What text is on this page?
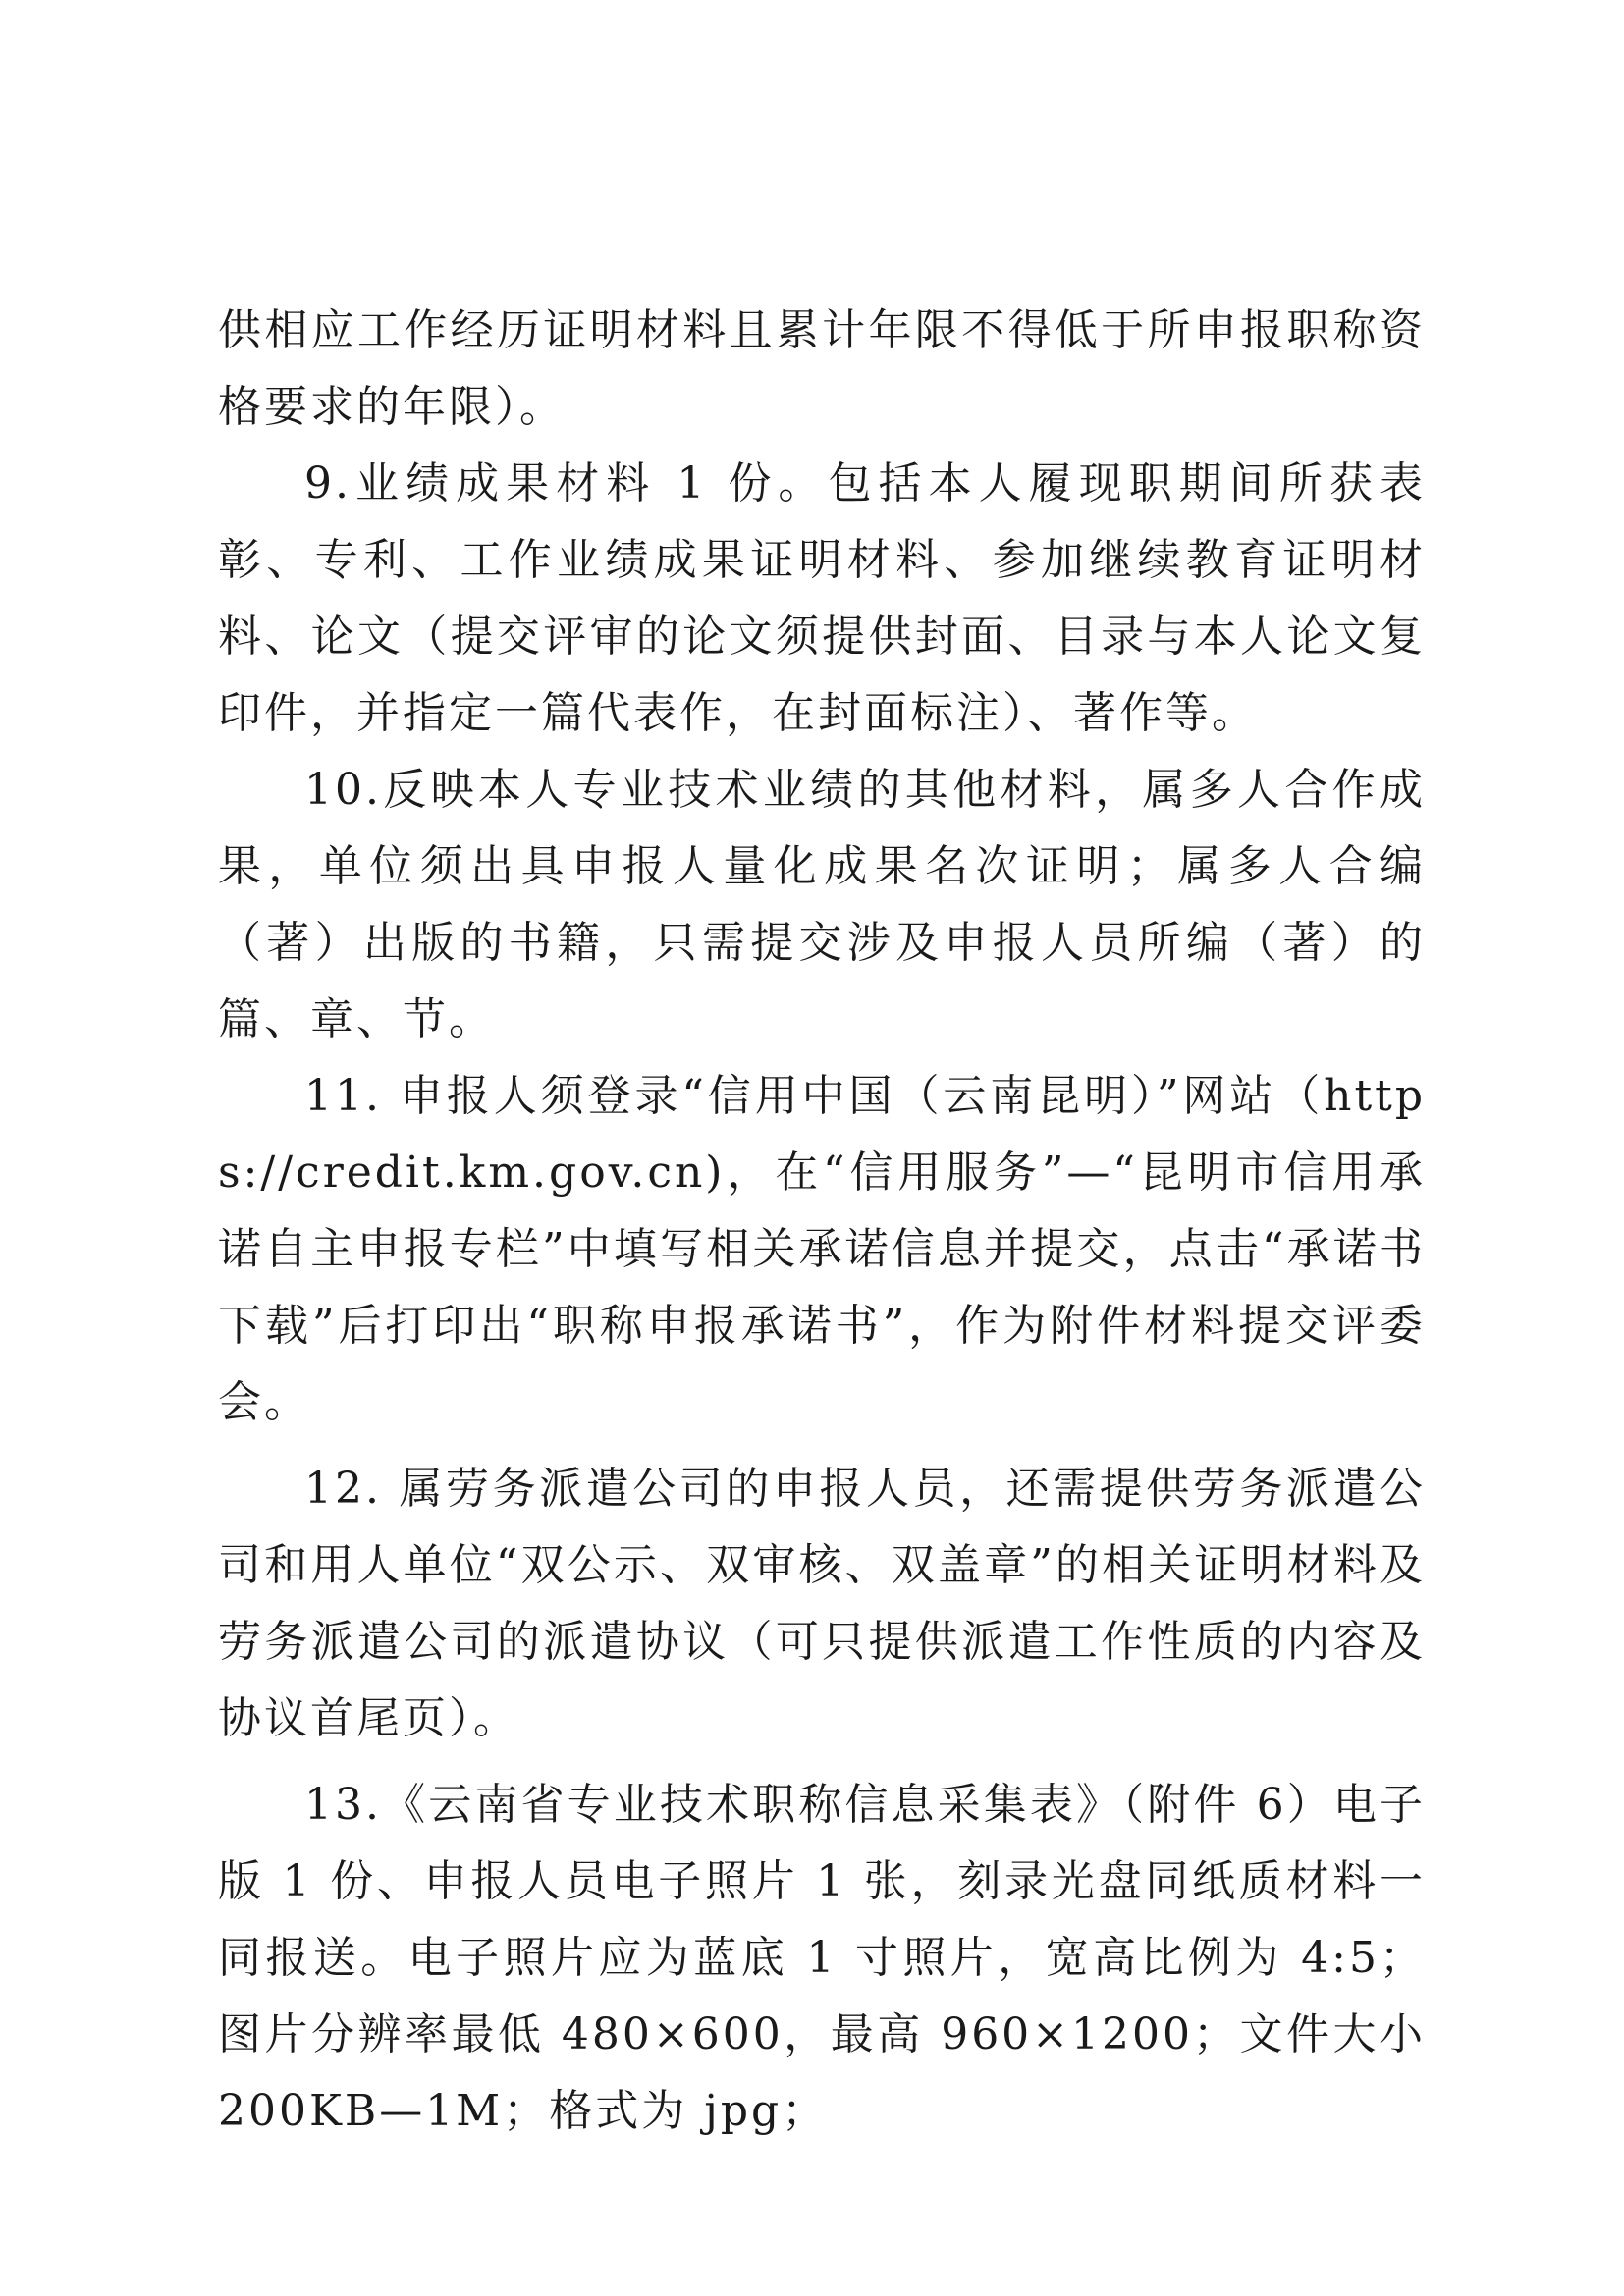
供相应工作经历证明材料且累计年限不得低于所申报职称资格要求的年限）。

9.业绩成果材料 1 份。包括本人履现职期间所获表彰、专利、工作业绩成果证明材料、参加继续教育证明材料、论文（提交评审的论文须提供封面、目录与本人论文复印件，并指定一篇代表作，在封面标注）、著作等。

10.反映本人专业技术业绩的其他材料，属多人合作成果，单位须出具申报人量化成果名次证明；属多人合编（著）出版的书籍，只需提交涉及申报人员所编（著）的篇、章、节。

11. 申报人须登录“信用中国（云南昆明）”网站（https://credit.km.gov.cn)，在“信用服务”—“昆明市信用承诺自主申报专栏”中填写相关承诺信息并提交，点击“承诺书下载”后打印出“职称申报承诺书”，作为附件材料提交评委会。

12. 属劳务派遣公司的申报人员，还需提供劳务派遣公司和用人单位“双公示、双审核、双盖章”的相关证明材料及劳务派遣公司的派遣协议（可只提供派遣工作性质的内容及协议首尾页）。

13.《云南省专业技术职称信息采集表》（附件 6）电子版 1 份、申报人员电子照片 1 张，刻录光盘同纸质材料一同报送。电子照片应为蓝底 1 寸照片，宽高比例为 4:5；图片分辨率最低 480×600，最高 960×1200；文件大小 200KB—1M；格式为 jpg；
